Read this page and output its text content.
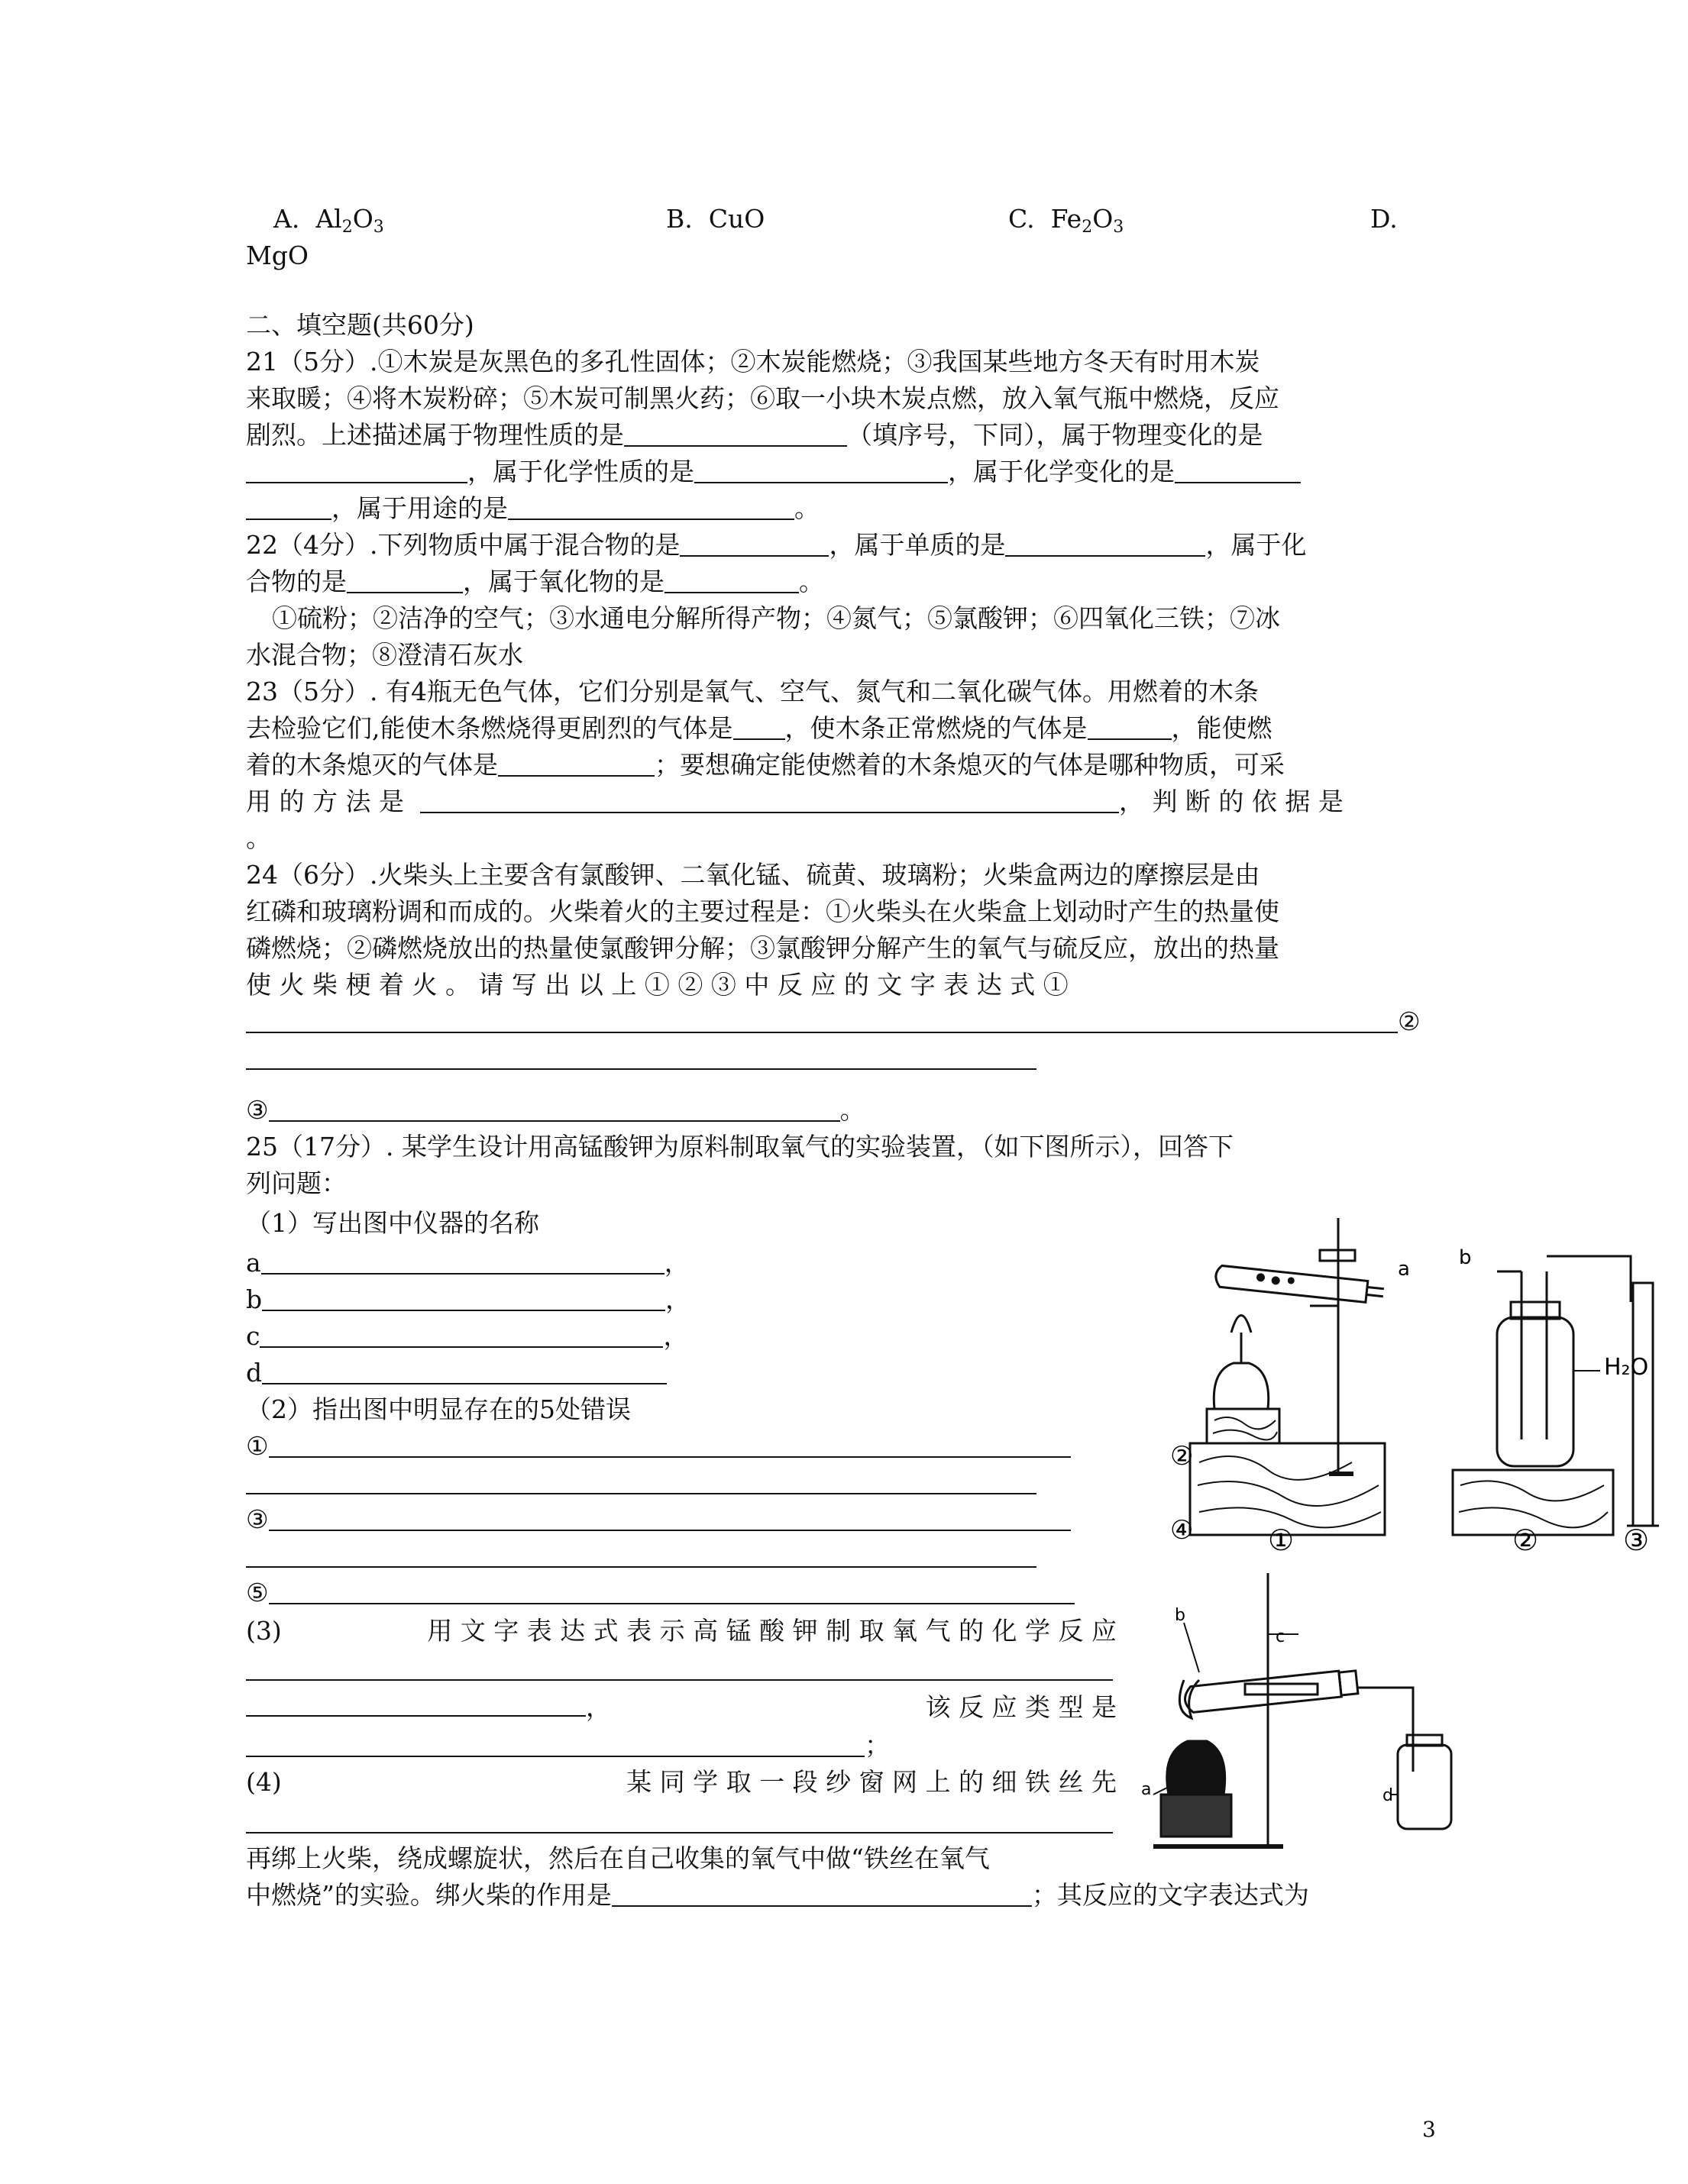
A. $Al_2O_3$	B. CuO	C. $Fe_2O_3$	D.
MgO
二、填空题(共60分)
21（5分）.①木炭是灰黑色的多孔性固体；②木炭能燃烧；③我国某些地方冬天有时用木炭
来取暖；④将木炭粉碎；⑤木炭可制黑火药；⑥取一小块木炭点燃，放入氧气瓶中燃烧，反应
剧烈。上述描述属于物理性质的是	（填序号，下同），属于物理变化的是
，属于化学性质的是	，属于化学变化的是
，属于用途的是	。
22（4分）.下列物质中属于混合物的是	，属于单质的是	，属于化
合物的是	，属于氧化物的是	。
①硫粉；②洁净的空气；③水通电分解所得产物；④氮气；⑤氯酸钾；⑥四氧化三铁；⑦冰
水混合物；⑧澄清石灰水
23（5分）. 有4瓶无色气体，它们分别是氧气、空气、氮气和二氧化碳气体。用燃着的木条
去检验它们,能使木条燃烧得更剧烈的气体是 ，使木条正常燃烧的气体是	，能使燃
着的木条熄灭的气体是	；要想确定能使燃着的木条熄灭的气体是哪种物质，可采
用 的 方 法 是	， 判 断 的 依 据 是
。
24（6分）.火柴头上主要含有氯酸钾、二氧化锰、硫黄、玻璃粉；火柴盒两边的摩擦层是由
红磷和玻璃粉调和而成的。火柴着火的主要过程是：①火柴头在火柴盒上划动时产生的热量使
磷燃烧；②磷燃烧放出的热量使氯酸钾分解；③氯酸钾分解产生的氧气与硫反应，放出的热量
使 火 柴 梗 着 火 。 请 写 出 以 上 ① ② ③ 中 反 应 的 文 字 表 达 式 ①
②
③	。
25（17分）. 某学生设计用高锰酸钾为原料制取氧气的实验装置，（如下图所示），回答下
列问题：
（1）写出图中仪器的名称
a	，
b	，
c	，
d
（2）指出图中明显存在的5处错误
①
③
⑤
(3)	用 文 字 表 达 式 表 示 高 锰 酸 钾 制 取 氧 气 的 化 学 反 应
，	该 反 应 类 型 是
；
(4)	某 同 学 取 一 段 纱 窗 网 上 的 细 铁 丝 先
再绑上火柴，绕成螺旋状，然后在自己收集的氧气中做“铁丝在氧气
中燃烧”的实验。绑火柴的作用是	；其反应的文字表达式为
a b
H₂O
②
④	①	②	③
c
b
a	d
3
